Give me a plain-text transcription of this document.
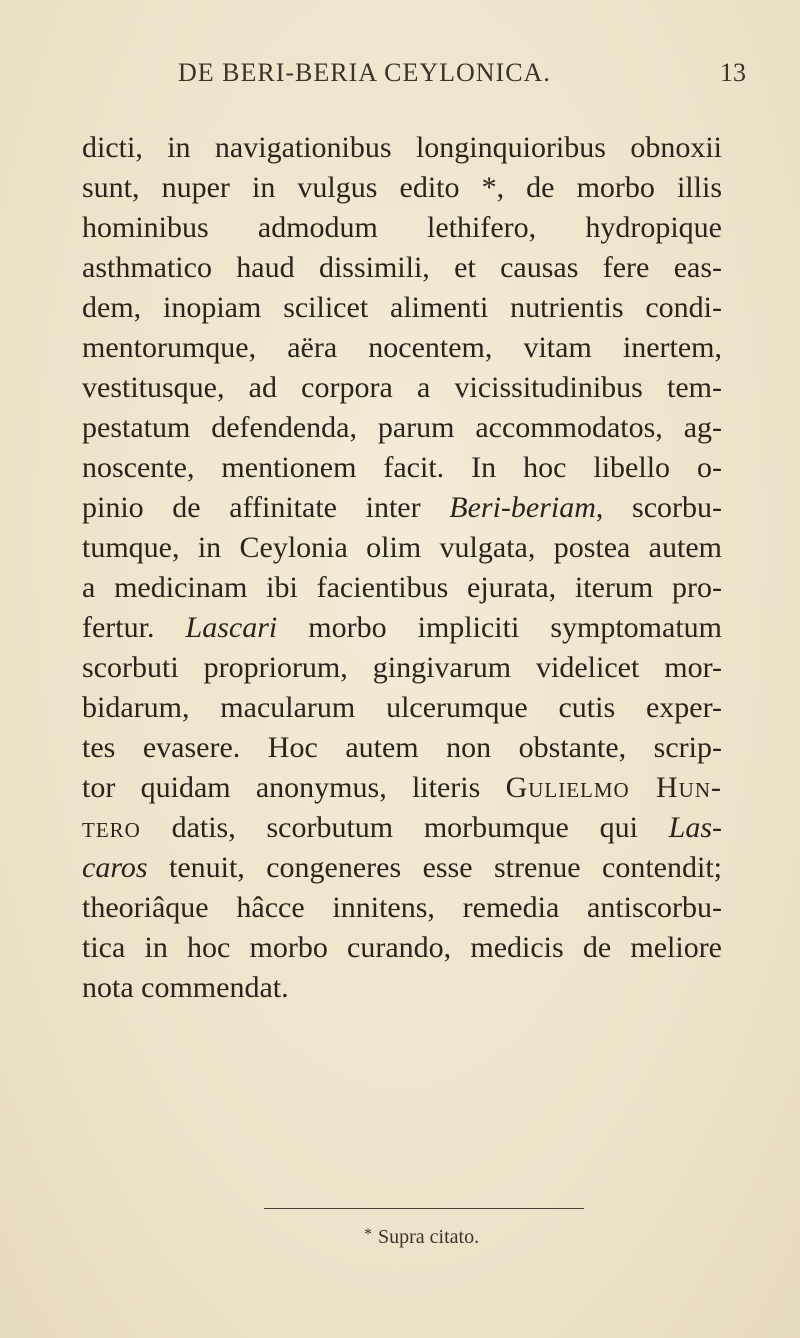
DE BERI-BERIA CEYLONICA.	13
dicti, in navigationibus longinquioribus obnoxii
sunt, nuper in vulgus edito *, de morbo illis
hominibus admodum lethifero, hydropique
asthmatico haud dissimili, et causas fere eas-
dem, inopiam scilicet alimenti nutrientis condi-
mentorumque, aëra nocentem, vitam inertem,
vestitusque, ad corpora a vicissitudinibus tem-
pestatum defendenda, parum accommodatos, ag-
noscente, mentionem facit. In hoc libello o-
pinio de affinitate inter Beri-beriam, scorbu-
tumque, in Ceylonia olim vulgata, postea autem
a medicinam ibi facientibus ejurata, iterum pro-
fertur. Lascari morbo impliciti symptomatum
scorbuti propriorum, gingivarum videlicet mor-
bidarum, macularum ulcerumque cutis exper-
tes evasere. Hoc autem non obstante, scrip-
tor quidam anonymus, literis Gulielmo Hun-
tero datis, scorbutum morbumque qui Las-
caros tenuit, congeneres esse strenue contendit;
theoriâque hâcce innitens, remedia antiscorbu-
tica in hoc morbo curando, medicis de meliore
nota commendat.
* Supra citato.
